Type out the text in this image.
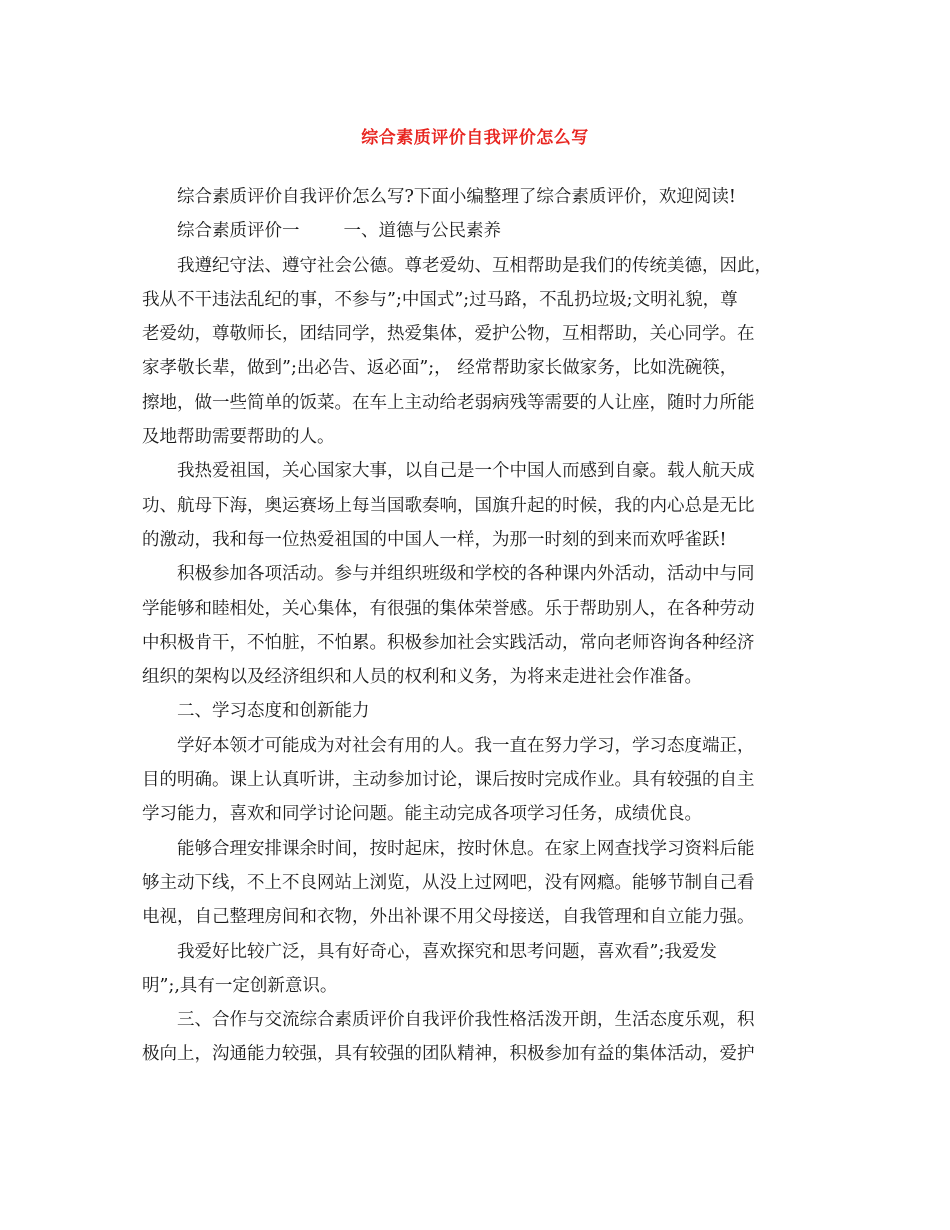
综合素质评价自我评价怎么写
综合素质评价自我评价怎么写?下面小编整理了综合素质评价，欢迎阅读!
综合素质评价一	一、道德与公民素养
我遵纪守法、遵守社会公德。尊老爱幼、互相帮助是我们的传统美德，因此，
我从不干违法乱纪的事，不参与”;中国式”;过马路，不乱扔垃圾;文明礼貌，尊
老爱幼，尊敬师长，团结同学，热爱集体，爱护公物，互相帮助，关心同学。在
家孝敬长辈，做到”;出必告、返必面”;， 经常帮助家长做家务，比如洗碗筷，
擦地，做一些简单的饭菜。在车上主动给老弱病残等需要的人让座，随时力所能
及地帮助需要帮助的人。
我热爱祖国，关心国家大事，以自己是一个中国人而感到自豪。载人航天成
功、航母下海，奥运赛场上每当国歌奏响，国旗升起的时候，我的内心总是无比
的激动，我和每一位热爱祖国的中国人一样，为那一时刻的到来而欢呼雀跃!
积极参加各项活动。参与并组织班级和学校的各种课内外活动，活动中与同
学能够和睦相处，关心集体，有很强的集体荣誉感。乐于帮助别人，在各种劳动
中积极肯干，不怕脏，不怕累。积极参加社会实践活动，常向老师咨询各种经济
组织的架构以及经济组织和人员的权利和义务，为将来走进社会作准备。
二、学习态度和创新能力
学好本领才可能成为对社会有用的人。我一直在努力学习，学习态度端正，
目的明确。课上认真听讲，主动参加讨论，课后按时完成作业。具有较强的自主
学习能力，喜欢和同学讨论问题。能主动完成各项学习任务，成绩优良。
能够合理安排课余时间，按时起床，按时休息。在家上网查找学习资料后能
够主动下线，不上不良网站上浏览，从没上过网吧，没有网瘾。能够节制自己看
电视，自己整理房间和衣物，外出补课不用父母接送，自我管理和自立能力强。
我爱好比较广泛，具有好奇心，喜欢探究和思考问题，喜欢看”;我爱发
明”;,具有一定创新意识。
三、合作与交流综合素质评价自我评价我性格活泼开朗，生活态度乐观，积
极向上，沟通能力较强，具有较强的团队精神，积极参加有益的集体活动，爱护
